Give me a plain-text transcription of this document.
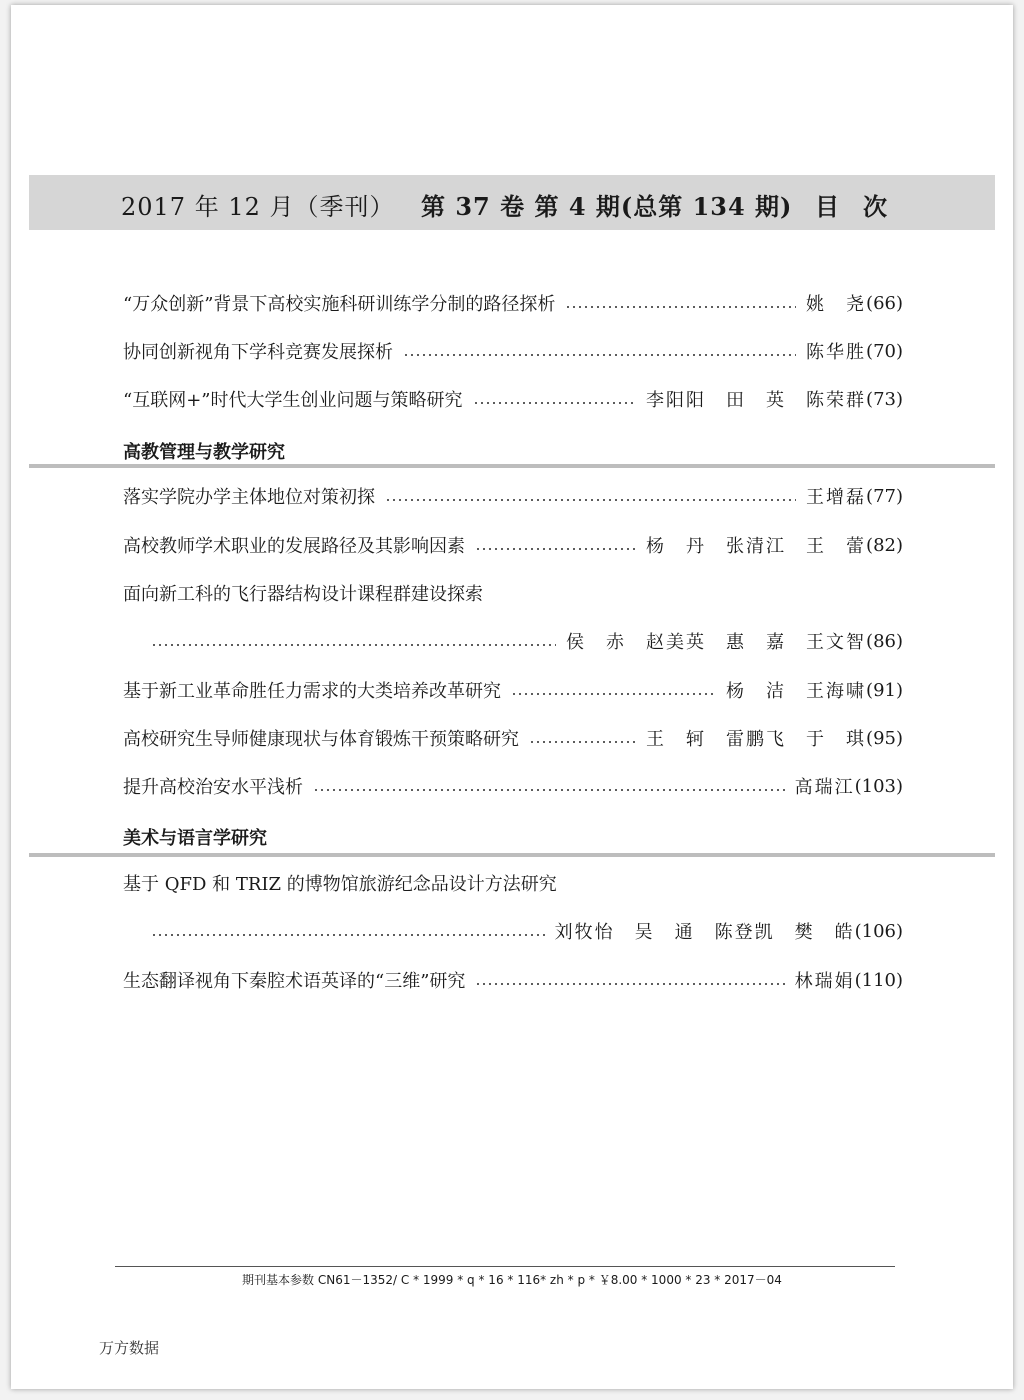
2017 年 12 月（季刊） 第 37 卷 第 4 期(总第 134 期) 目次
“万众创新”背景下高校实施科研训练学分制的路径探析	姚　尧 (66)
协同创新视角下学科竞赛发展探析	陈华胜 (70)
“互联网+”时代大学生创业问题与策略研究	李阳阳　田　英　陈荣群 (73)
高教管理与教学研究
落实学院办学主体地位对策初探	王增磊 (77)
高校教师学术职业的发展路径及其影响因素	杨　丹　张清江　王　蕾 (82)
面向新工科的飞行器结构设计课程群建设探索
侯　赤　赵美英　惠　嘉　王文智 (86)
基于新工业革命胜任力需求的大类培养改革研究	杨　洁　王海啸 (91)
高校研究生导师健康现状与体育锻炼干预策略研究	王　轲　雷鹏飞　于　琪 (95)
提升高校治安水平浅析	高瑞江 (103)
美术与语言学研究
基于 QFD 和 TRIZ 的博物馆旅游纪念品设计方法研究
刘牧怡　吴　通　陈登凯　樊　皓 (106)
生态翻译视角下秦腔术语英译的“三维”研究	林瑞娟 (110)
期刊基本参数 CN61－1352/ C * 1999 * q * 16 * 116* zh * p * ￥8.00 * 1000 * 23 * 2017－04
万方数据
